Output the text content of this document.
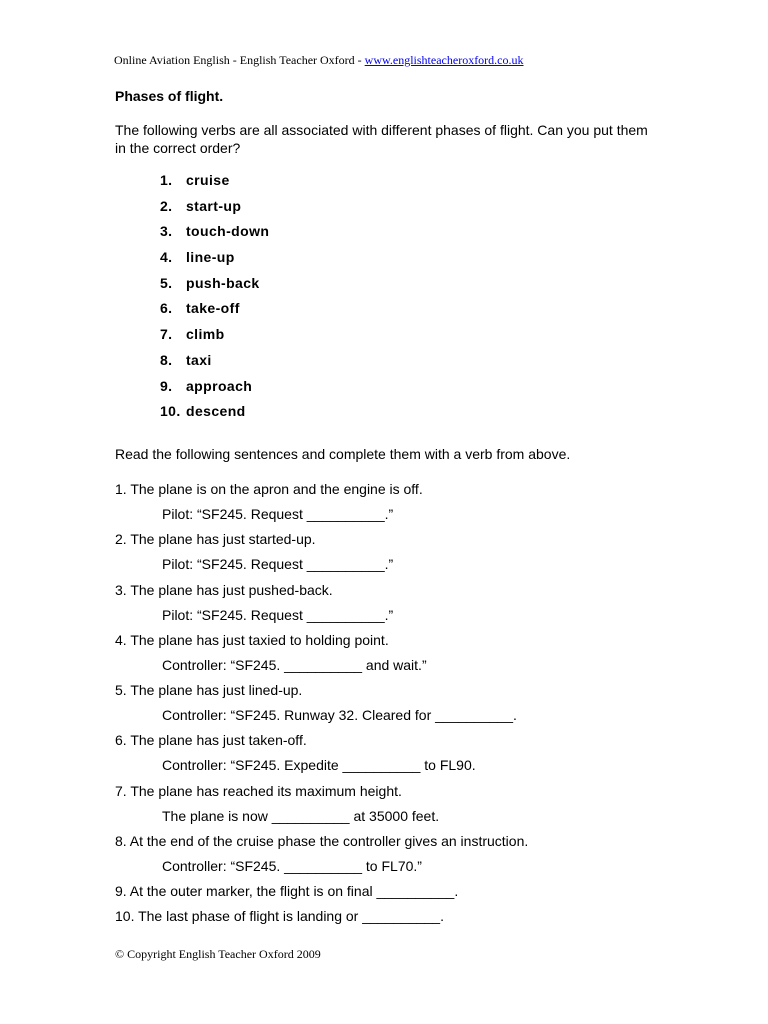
Online Aviation English - English Teacher Oxford - www.englishteacheroxford.co.uk
Phases of flight.
The following verbs are all associated with different phases of flight. Can you put them in the correct order?
1. cruise
2. start-up
3. touch-down
4. line-up
5. push-back
6. take-off
7. climb
8. taxi
9. approach
10. descend
Read the following sentences and complete them with a verb from above.
1. The plane is on the apron and the engine is off.
Pilot: “SF245. Request __________.”
2. The plane has just started-up.
Pilot: “SF245. Request __________.”
3. The plane has just pushed-back.
Pilot: “SF245. Request __________.”
4. The plane has just taxied to holding point.
Controller: “SF245. __________ and wait.”
5. The plane has just lined-up.
Controller: “SF245. Runway 32. Cleared for __________.
6. The plane has just taken-off.
Controller: “SF245. Expedite __________ to FL90.
7. The plane has reached its maximum height.
The plane is now __________ at 35000 feet.
8. At the end of the cruise phase the controller gives an instruction.
Controller: “SF245. __________ to FL70.”
9. At the outer marker, the flight is on final __________.
10. The last phase of flight is landing or __________.
© Copyright English Teacher Oxford 2009
